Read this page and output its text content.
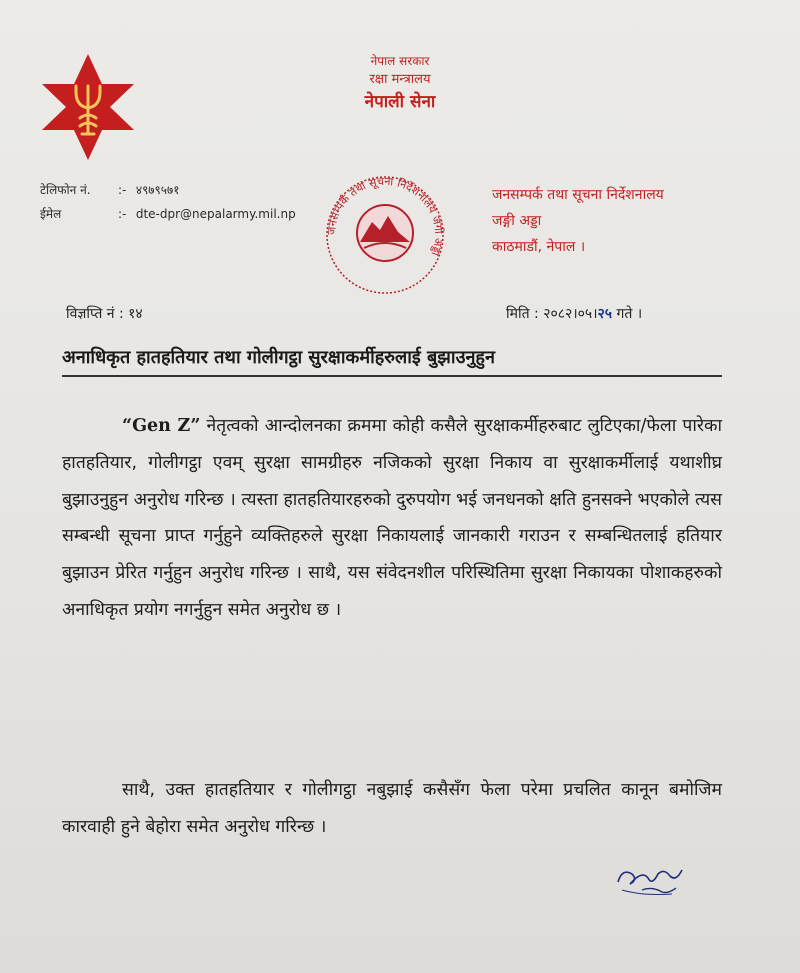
नेपाल सरकार
रक्षा मन्त्रालय
नेपाली सेना
टेलिफोन नं. :- ४९७९५७१
ईमेल	:- dte-dpr@nepalarmy.mil.np
जनसम्पर्क तथा सूचना निर्देशनालय जंगी अड्डा
जनसम्पर्क तथा सूचना निर्देशनालय
जङ्गी अड्डा
काठमाडौं, नेपाल ।
विज्ञप्ति नं : १४	मिति : २०८२।०५।२५ गते ।
अनाधिकृत हातहतियार तथा गोलीगट्ठा सुरक्षाकर्मीहरुलाई बुझाउनुहुन
“Gen Z” नेतृत्वको आन्दोलनका क्रममा कोही कसैले सुरक्षाकर्मीहरुबाट लुटिएका/फेला पारेका हातहतियार, गोलीगट्ठा एवम् सुरक्षा सामग्रीहरु नजिकको सुरक्षा निकाय वा सुरक्षाकर्मीलाई यथाशीघ्र बुझाउनुहुन अनुरोध गरिन्छ । त्यस्ता हातहतियारहरुको दुरुपयोग भई जनधनको क्षति हुनसक्ने भएकोले त्यस सम्बन्धी सूचना प्राप्त गर्नुहुने व्यक्तिहरुले सुरक्षा निकायलाई जानकारी गराउन र सम्बन्धितलाई हतियार बुझाउन प्रेरित गर्नुहुन अनुरोध गरिन्छ । साथै, यस संवेदनशील परिस्थितिमा सुरक्षा निकायका पोशाकहरुको अनाधिकृत प्रयोग नगर्नुहुन समेत अनुरोध छ ।
साथै, उक्त हातहतियार र गोलीगट्ठा नबुझाई कसैसँग फेला परेमा प्रचलित कानून बमोजिम कारवाही हुने बेहोरा समेत अनुरोध गरिन्छ ।
